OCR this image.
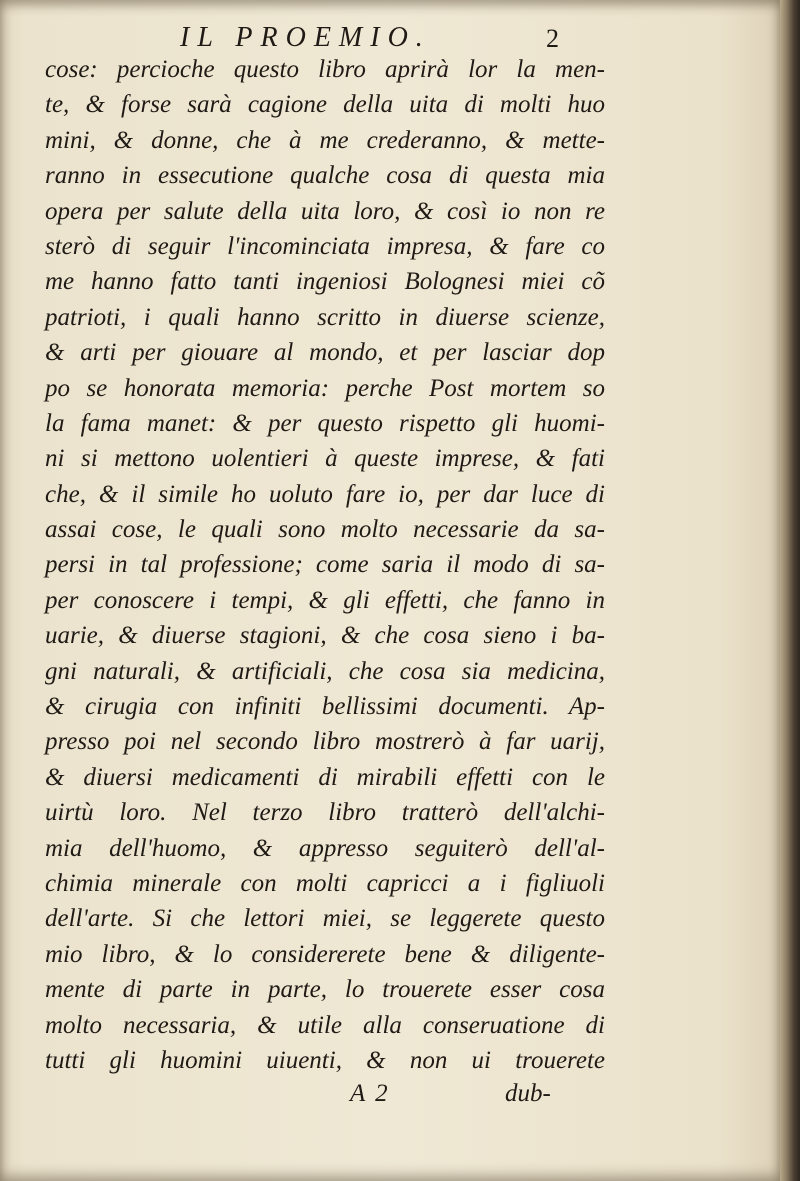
IL PROEMIO.	2
cose: percioche questo libro aprirà lor la men-
te, & forse sarà cagione della uita di molti huo
mini, & donne, che à me crederanno, & mette-
ranno in essecutione qualche cosa di questa mia
opera per salute della uita loro, & così io non re
sterò di seguir l'incominciata impresa, & fare co
me hanno fatto tanti ingeniosi Bolognesi miei cõ
patrioti, i quali hanno scritto in diuerse scienze,
& arti per giouare al mondo, et per lasciar dop
po se honorata memoria: perche Post mortem so
la fama manet: & per questo rispetto gli huomi-
ni si mettono uolentieri à queste imprese, & fati
che, & il simile ho uoluto fare io, per dar luce di
assai cose, le quali sono molto necessarie da sa-
persi in tal professione; come saria il modo di sa-
per conoscere i tempi, & gli effetti, che fanno in
uarie, & diuerse stagioni, & che cosa sieno i ba-
gni naturali, & artificiali, che cosa sia medicina,
& cirugia con infiniti bellissimi documenti. Ap-
presso poi nel secondo libro mostrerò à far uarij,
& diuersi medicamenti di mirabili effetti con le
uirtù loro. Nel terzo libro tratterò dell'alchi-
mia dell'huomo, & appresso seguiterò dell'al-
chimia minerale con molti capricci a i figliuoli
dell'arte. Si che lettori miei, se leggerete questo
mio libro, & lo considererete bene & diligente-
mente di parte in parte, lo trouerete esser cosa
molto necessaria, & utile alla conseruatione di
tutti gli huomini uiuenti, & non ui trouerete
A 2	dub-
